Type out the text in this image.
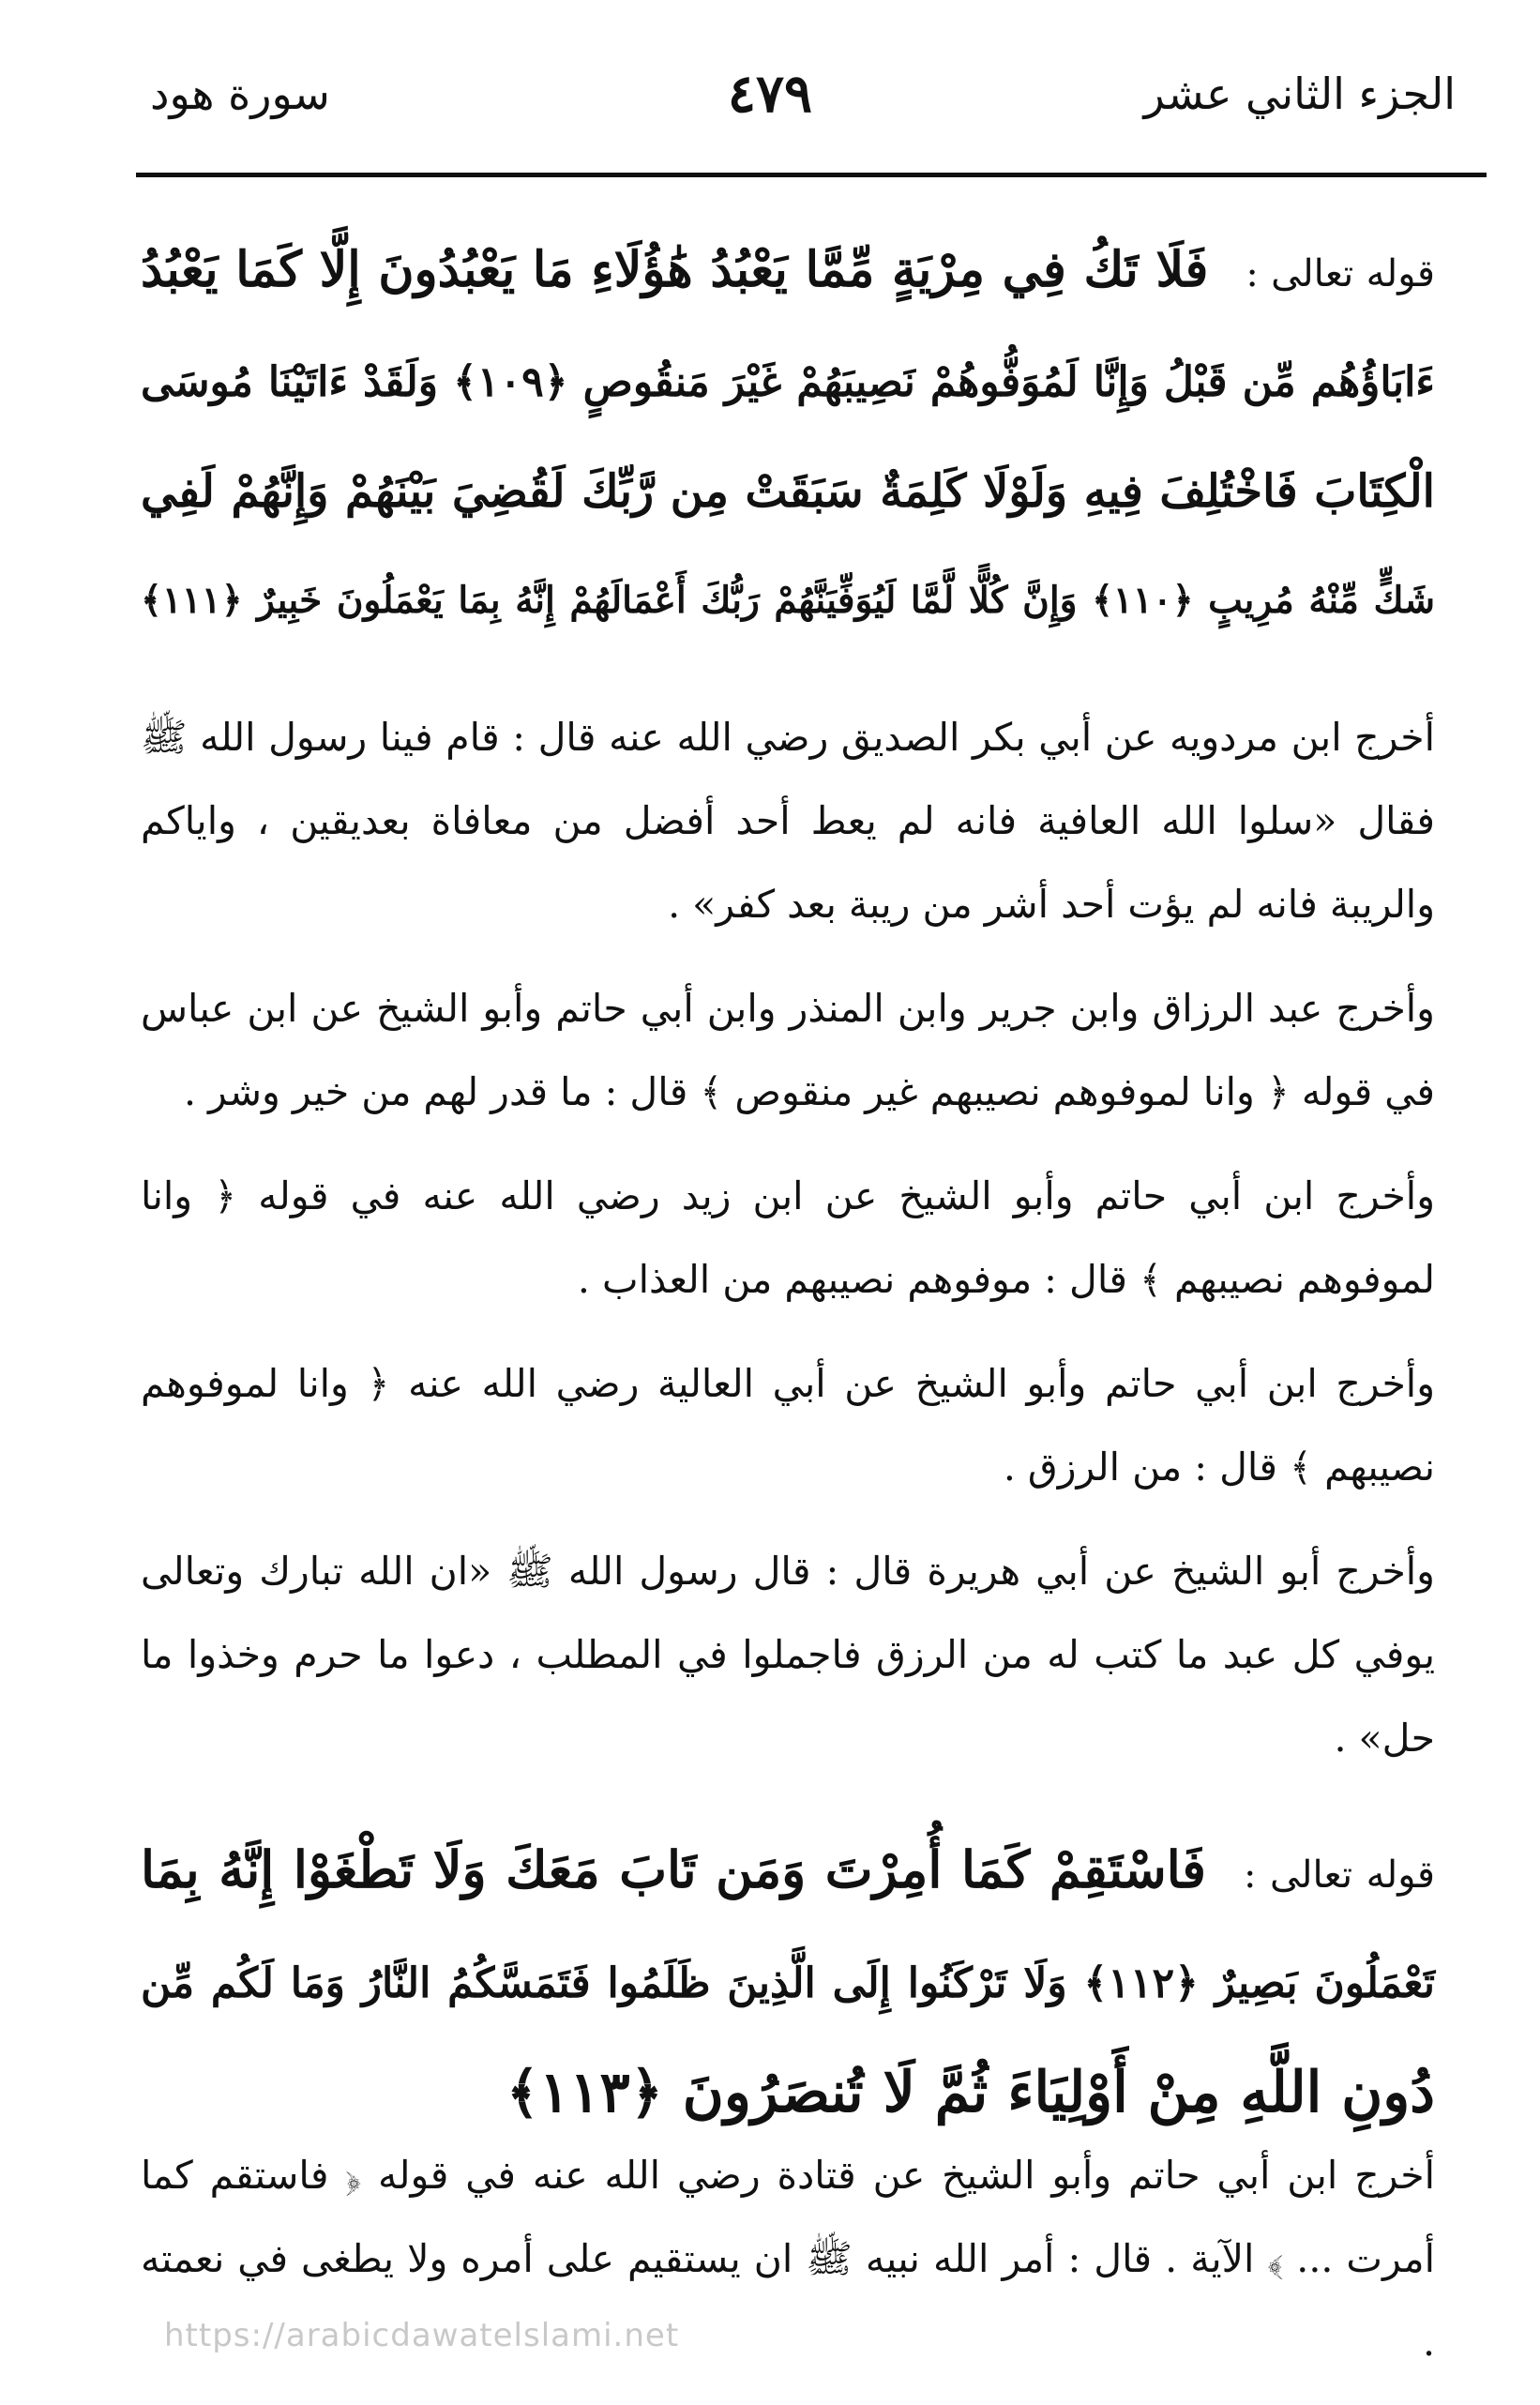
الجزء الثاني عشر
٤٧٩
سورة هود
قوله تعالى :فَلَا تَكُ فِي مِرْيَةٍ مِّمَّا يَعْبُدُ هَٰؤُلَاءِ مَا يَعْبُدُونَ إِلَّا كَمَا يَعْبُدُ
ءَابَاؤُهُم مِّن قَبْلُ وَإِنَّا لَمُوَفُّوهُمْ نَصِيبَهُمْ غَيْرَ مَنقُوصٍ ﴿١٠٩﴾ وَلَقَدْ ءَاتَيْنَا مُوسَى
الْكِتَابَ فَاخْتُلِفَ فِيهِ وَلَوْلَا كَلِمَةٌ سَبَقَتْ مِن رَّبِّكَ لَقُضِيَ بَيْنَهُمْ وَإِنَّهُمْ لَفِي
شَكٍّ مِّنْهُ مُرِيبٍ ﴿١١٠﴾ وَإِنَّ كُلًّا لَّمَّا لَيُوَفِّيَنَّهُمْ رَبُّكَ أَعْمَالَهُمْ إِنَّهُ بِمَا يَعْمَلُونَ خَبِيرٌ ﴿١١١﴾

أخرج ابن مردويه عن أبي بكر الصديق رضي الله عنه قال : قام فينا رسول الله ﷺ فقال «سلوا الله العافية فانه لم يعط أحد أفضل من معافاة بعديقين ، واياكم والريبة فانه لم يؤت أحد أشر من ريبة بعد كفر» .

وأخرج عبد الرزاق وابن جرير وابن المنذر وابن أبي حاتم وأبو الشيخ عن ابن عباس في قوله ﴿ وانا لموفوهم نصيبهم غير منقوص ﴾ قال : ما قدر لهم من خير وشر .

وأخرج ابن أبي حاتم وأبو الشيخ عن ابن زيد رضي الله عنه في قوله ﴿ وانا لموفوهم نصيبهم ﴾ قال : موفوهم نصيبهم من العذاب .

وأخرج ابن أبي حاتم وأبو الشيخ عن أبي العالية رضي الله عنه ﴿ وانا لموفوهم نصيبهم ﴾ قال : من الرزق .

وأخرج أبو الشيخ عن أبي هريرة قال : قال رسول الله ﷺ «ان الله تبارك وتعالى يوفي كل عبد ما كتب له من الرزق فاجملوا في المطلب ، دعوا ما حرم وخذوا ما حل» .

قوله تعالى :فَاسْتَقِمْ كَمَا أُمِرْتَ وَمَن تَابَ مَعَكَ وَلَا تَطْغَوْا إِنَّهُ بِمَا
تَعْمَلُونَ بَصِيرٌ ﴿١١٢﴾ وَلَا تَرْكَنُوا إِلَى الَّذِينَ ظَلَمُوا فَتَمَسَّكُمُ النَّارُ وَمَا لَكُم مِّن
دُونِ اللَّهِ مِنْ أَوْلِيَاءَ ثُمَّ لَا تُنصَرُونَ ﴿١١٣﴾

أخرج ابن أبي حاتم وأبو الشيخ عن قتادة رضي الله عنه في قوله ﴿ فاستقم كما أمرت ... ﴾ الآية . قال : أمر الله نبيه ﷺ ان يستقيم على أمره ولا يطغى في نعمته .

https://arabicdawatelslami.net
